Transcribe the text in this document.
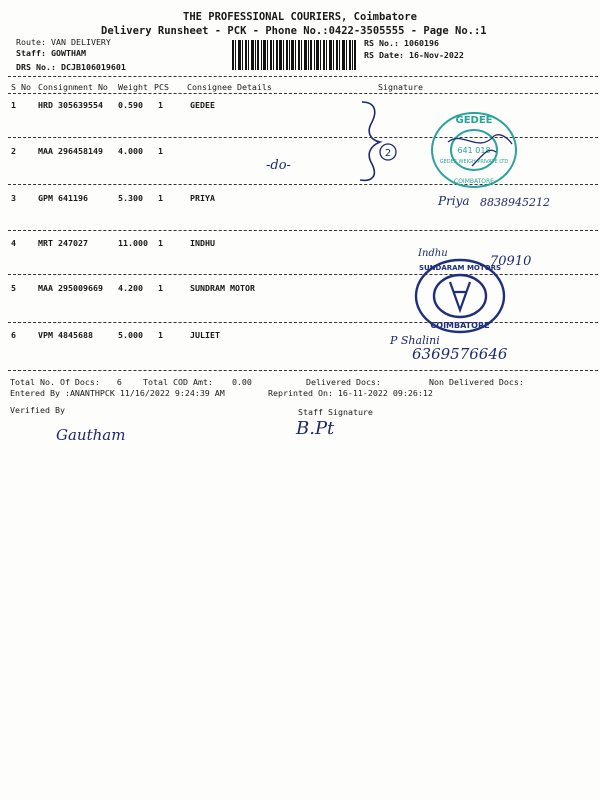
THE PROFESSIONAL COURIERS, Coimbatore
Delivery Runsheet - PCK - Phone No.:0422-3505555 - Page No.:1
Route: VAN DELIVERY
Staff: GOWTHAM
DRS No.: DCJB106019601
RS No.: 1060196
RS Date: 16-Nov-2022
S No Consignment No Weight PCS Consignee Details	Signature
1	HRD 305639554 0.590 1	GEDEE
2	MAA 296458149 4.000 1
3	GPM 641196	5.300 1	PRIYA
4	MRT 247027	11.000 1	INDHU
5	MAA 295009669 4.200 1	SUNDRAM MOTOR
6	VPM 4845688	5.000 1	JULIET
Total No. Of Docs: 6	Total COD Amt: 0.00	Delivered Docs:	Non Delivered Docs:
Entered By :ANANTHPCK 11/16/2022 9:24:39 AM	Reprinted On: 16-11-2022 09:26:12
Verified By	Staff Signature
2
-do-
GEDEE
641 018
GEDEE WEIGH PRIVATE LTD
COIMBATORE
Priya 8838945212
Indhu
70910
SUNDARAM MOTORS
COIMBATORE
P Shalini
6369576646
Gautham	B.Pt
